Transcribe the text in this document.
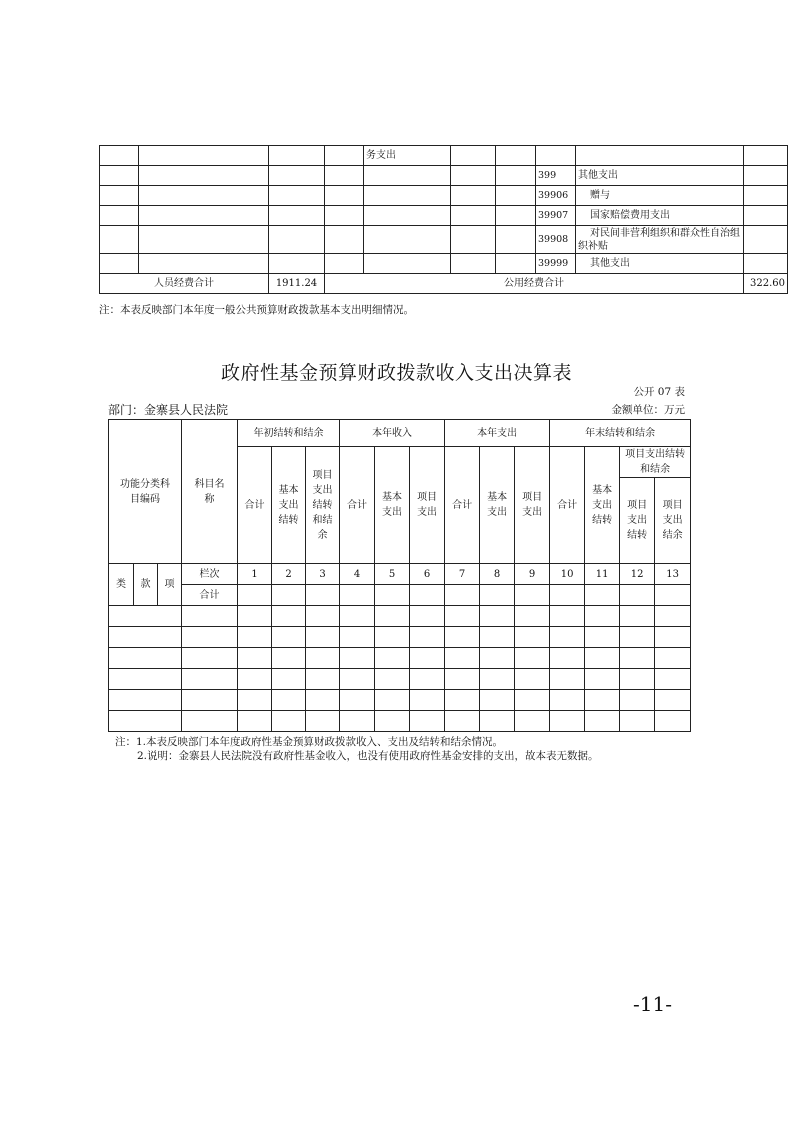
				务支出					
							399	其他支出	
							39906	赠与	
							39907	国家赔偿费用支出	
							39908	对民间非营利组织和群众性自治组织补贴	
							39999	其他支出	
人员经费合计		1911.24	公用经费合计						322.60
注：本表反映部门本年度一般公共预算财政拨款基本支出明细情况。
政府性基金预算财政拨款收入支出决算表
公开 07 表
部门：金寨县人民法院	金额单位：万元
功能分类科目编码			科目名称	年初结转和结余			本年收入			本年支出			年末结转和结余			
				合计	基本支出结转	项目支出结转和结余	合计	基本支出	项目支出	合计	基本支出	项目支出	合计	基本支出结转	项目支出结转和结余	
															项目支出结转	项目支出结余
类	款	项	栏次	1	2	3	4	5	6	7	8	9	10	11	12	13
			合计													

注：1.本表反映部门本年度政府性基金预算财政拨款收入、支出及结转和结余情况。
2.说明：金寨县人民法院没有政府性基金收入，也没有使用政府性基金安排的支出，故本表无数据。
-11-
